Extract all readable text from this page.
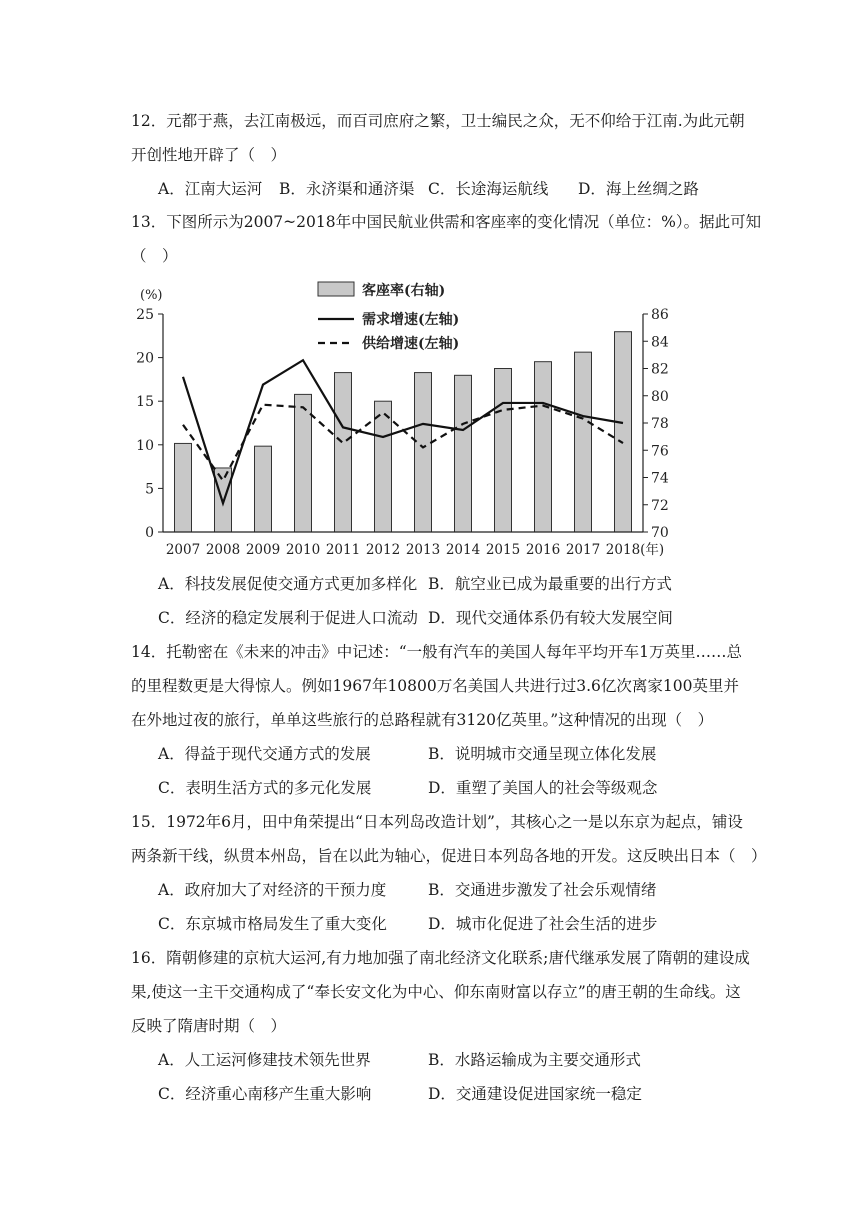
12．元都于燕，去江南极远，而百司庶府之繁，卫士编民之众，无不仰给于江南.为此元朝
开创性地开辟了（　）
A．江南大运河 B．永济渠和通济渠 C．长途海运航线 D．海上丝绸之路
13．下图所示为2007~2018年中国民航业供需和客座率的变化情况（单位：%）。据此可知
（　）
客座率(右轴)
需求增速(左轴)
供给增速(左轴)
0
5
10
15
20
25
70
72
74
76
78
80
82
84
86
(%)
2007 2008 2009 2010 2011 2012 2013 2014 2015 2016 2017 2018(年)
A．科技发展促使交通方式更加多样化 B．航空业已成为最重要的出行方式
C．经济的稳定发展利于促进人口流动 D．现代交通体系仍有较大发展空间
14．托勒密在《未来的冲击》中记述：“一般有汽车的美国人每年平均开车1万英里……总
的里程数更是大得惊人。例如1967年10800万名美国人共进行过3.6亿次离家100英里并
在外地过夜的旅行，单单这些旅行的总路程就有3120亿英里。”这种情况的出现（　）
A．得益于现代交通方式的发展	B．说明城市交通呈现立体化发展
C．表明生活方式的多元化发展	D．重塑了美国人的社会等级观念
15．1972年6月，田中角荣提出“日本列岛改造计划”，其核心之一是以东京为起点，铺设
两条新干线，纵贯本州岛，旨在以此为轴心，促进日本列岛各地的开发。这反映出日本（　）
A．政府加大了对经济的干预力度	B．交通进步激发了社会乐观情绪
C．东京城市格局发生了重大变化	D．城市化促进了社会生活的进步
16．隋朝修建的京杭大运河,有力地加强了南北经济文化联系;唐代继承发展了隋朝的建设成
果,使这一主干交通构成了“奉长安文化为中心、仰东南财富以存立”的唐王朝的生命线。这
反映了隋唐时期（　）
A．人工运河修建技术领先世界	B．水路运输成为主要交通形式
C．经济重心南移产生重大影响	D．交通建设促进国家统一稳定
